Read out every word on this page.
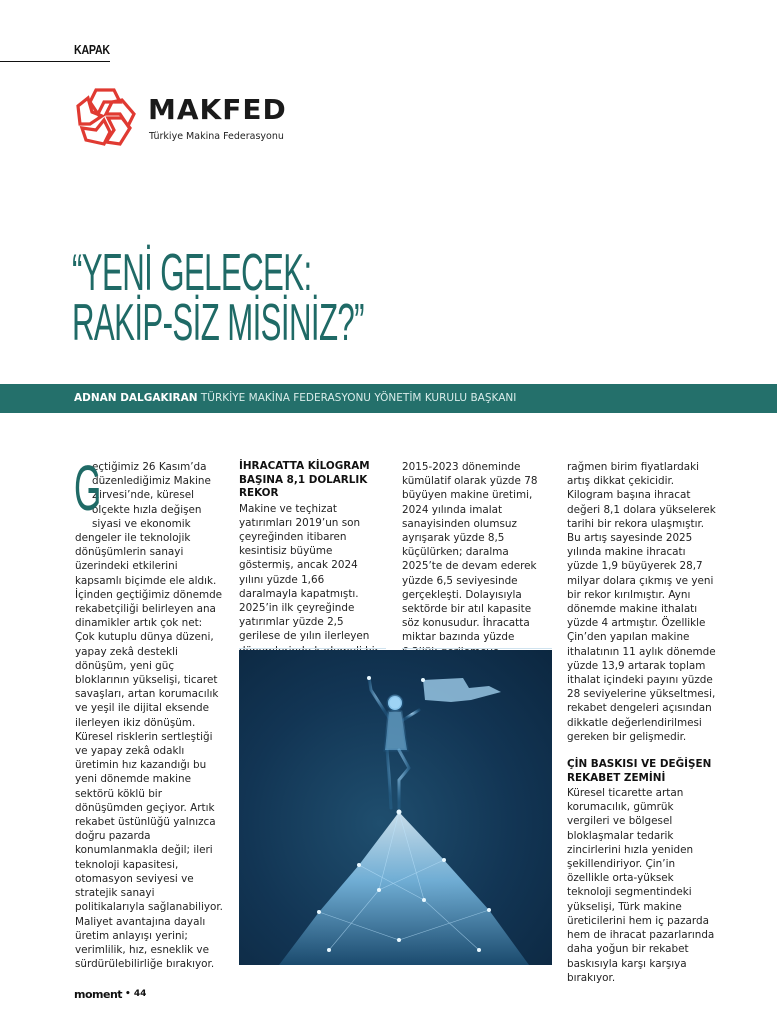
KAPAK
MAKFED
Türkiye Makina Federasyonu
“YENİ GELECEK:
RAKİP-SİZ MİSİNİZ?”
ADNAN DALGAKIRAN TÜRKİYE MAKİNA FEDERASYONU YÖNETİM KURULU BAŞKANI
G

eçtiğimiz 26 Kasım’da düzenlediğimiz Makine Zirvesi’nde, küresel ölçekte hızla değişen siyasi ve ekonomik dengeler ile teknolojik dönüşümlerin sanayi üzerindeki etkilerini kapsamlı biçimde ele aldık. İçinden geçtiğimiz dönemde rekabetçiliği belirleyen ana dinamikler artık çok net: Çok kutuplu dünya düzeni, yapay zekâ destekli dönüşüm, yeni güç bloklarının yükselişi, ticaret savaşları, artan korumacılık ve yeşil ile dijital eksende ilerleyen ikiz dönüşüm.

Küresel risklerin sertleştiği ve yapay zekâ odaklı üretimin hız kazandığı bu yeni dönemde makine sektörü köklü bir dönüşümden geçiyor. Artık rekabet üstünlüğü yalnızca doğru pazarda konumlanmakla değil; ileri teknoloji kapasitesi, otomasyon seviyesi ve stratejik sanayi politikalarıyla sağlanabiliyor. Maliyet avantajına dayalı üretim anlayışı yerini; verimlilik, hız, esneklik ve sürdürülebilirliğe bırakıyor.

İHRACATTA KİLOGRAM BAŞINA 8,1 DOLARLIK REKOR

Makine ve teçhizat yatırımları 2019’un son çeyreğinden itibaren kesintisiz büyüme göstermiş, ancak 2024 yılını yüzde 1,66 daralmayla kapatmıştı. 2025’in ilk çeyreğinde yatırımlar yüzde 2,5 gerilese de yılın ilerleyen

2015-2023 döneminde kümülatif olarak yüzde 78 büyüyen makine üretimi, 2024 yılında imalat sanayisinden olumsuz ayrışarak yüzde 8,5 küçülürken; daralma 2025’te de devam ederek yüzde 6,5 seviyesinde gerçekleşti. Dolayısıyla sektörde bir atıl kapasite söz konusudur. İhracatta miktar bazında yüzde

rağmen birim fiyatlardaki artış dikkat çekicidir. Kilogram başına ihracat değeri 8,1 dolara yükselerek tarihi bir rekora ulaşmıştır. Bu artış sayesinde 2025 yılında makine ihracatı yüzde 1,9 büyüyerek 28,7 milyar dolara çıkmış ve yeni bir rekor kırılmıştır. Aynı dönemde makine ithalatı yüzde 4 artmıştır. Özellikle Çin’den yapılan makine ithalatının 11 aylık dönemde yüzde 13,9 artarak toplam ithalat içindeki payını yüzde 28 seviyelerine yükseltmesi, rekabet dengeleri açısından dikkatle değerlendirilmesi gereken bir gelişmedir.

ÇİN BASKISI VE DEĞİŞEN REKABET ZEMİNİ

Küresel ticarette artan korumacılık, gümrük vergileri ve bölgesel bloklaşmalar tedarik zincirlerini hızla yeniden şekillendiriyor. Çin’in özellikle orta-yüksek teknoloji segmentindeki yükselişi, Türk makine üreticilerini hem iç pazarda hem de ihracat pazarlarında daha yoğun bir rekabet baskısıyla karşı karşıya bırakıyor.

moment • 44
